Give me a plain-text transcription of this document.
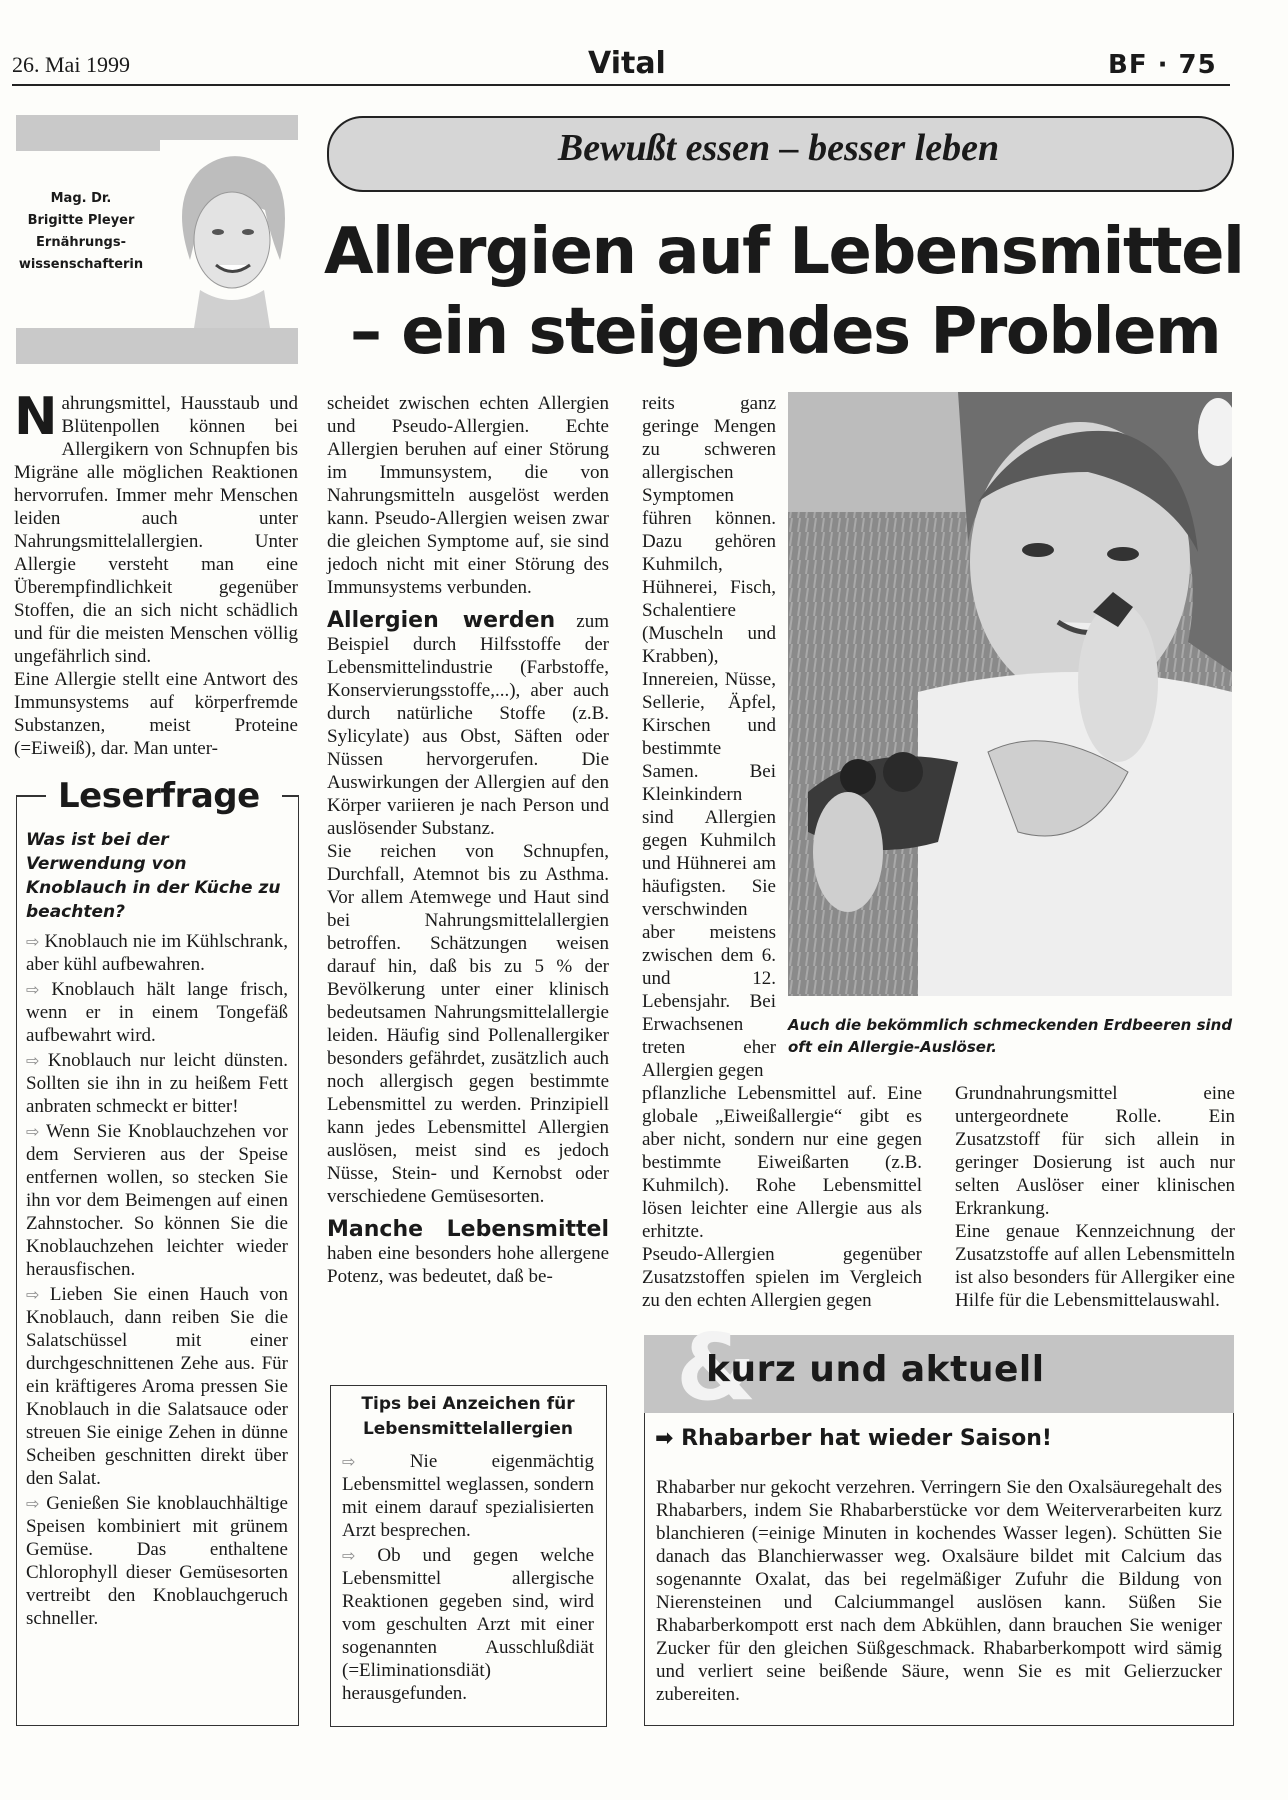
26. Mai 1999	Vital	BF · 75
Mag. Dr.
Brigitte Pleyer
Ernährungs-
wissenschafterin
Bewußt essen – besser leben
Allergien auf Lebensmittel
– ein steigendes Problem

Nahrungsmittel, Hausstaub und Blütenpollen können bei Allergikern von Schnupfen bis Migräne alle möglichen Reaktionen hervorrufen. Immer mehr Menschen leiden auch unter Nahrungsmittelallergien. Unter Allergie versteht man eine Überempfindlichkeit gegenüber Stoffen, die an sich nicht schädlich und für die meisten Menschen völlig ungefährlich sind.

Eine Allergie stellt eine Antwort des Immunsystems auf körperfremde Substanzen, meist Proteine (=Eiweiß), dar. Man unter-

Leserfrage
Was ist bei der Verwendung von Knoblauch in der Küche zu beachten?

⇨ Knoblauch nie im Kühlschrank, aber kühl aufbewahren.

⇨ Knoblauch hält lange frisch, wenn er in einem Tongefäß aufbewahrt wird.

⇨ Knoblauch nur leicht dünsten. Sollten sie ihn in zu heißem Fett anbraten schmeckt er bitter!

⇨ Wenn Sie Knoblauchzehen vor dem Servieren aus der Speise entfernen wollen, so stecken Sie ihn vor dem Beimengen auf einen Zahnstocher. So können Sie die Knoblauchzehen leichter wieder herausfischen.

⇨ Lieben Sie einen Hauch von Knoblauch, dann reiben Sie die Salatschüssel mit einer durchgeschnittenen Zehe aus. Für ein kräftigeres Aroma pressen Sie Knoblauch in die Salatsauce oder streuen Sie einige Zehen in dünne Scheiben geschnitten direkt über den Salat.

⇨ Genießen Sie knoblauchhältige Speisen kombiniert mit grünem Gemüse. Das enthaltene Chlorophyll dieser Gemüsesorten vertreibt den Knoblauchgeruch schneller.

scheidet zwischen echten Allergien und Pseudo-Allergien. Echte Allergien beruhen auf einer Störung im Immunsystem, die von Nahrungsmitteln ausgelöst werden kann. Pseudo-Allergien weisen zwar die gleichen Symptome auf, sie sind jedoch nicht mit einer Störung des Immunsystems verbunden.

Allergien werden zum Beispiel durch Hilfsstoffe der Lebensmittelindustrie (Farbstoffe, Konservierungsstoffe,...), aber auch durch natürliche Stoffe (z.B. Sylicylate) aus Obst, Säften oder Nüssen hervorgerufen. Die Auswirkungen der Allergien auf den Körper variieren je nach Person und auslösender Substanz.

Sie reichen von Schnupfen, Durchfall, Atemnot bis zu Asthma. Vor allem Atemwege und Haut sind bei Nahrungsmittelallergien betroffen. Schätzungen weisen darauf hin, daß bis zu 5 % der Bevölkerung unter einer klinisch bedeutsamen Nahrungsmittelallergie leiden. Häufig sind Pollenallergiker besonders gefährdet, zusätzlich auch noch allergisch gegen bestimmte Lebensmittel zu werden. Prinzipiell kann jedes Lebensmittel Allergien auslösen, meist sind es jedoch Nüsse, Stein- und Kernobst oder verschiedene Gemüsesorten.

Manche Lebensmittel haben eine besonders hohe allergene Potenz, was bedeutet, daß be-

Tips bei Anzeichen für Lebensmittelallergien

⇨	Nie eigenmächtig Lebensmittel weglassen, sondern mit einem darauf spezialisierten Arzt besprechen.

⇨ Ob und gegen welche Lebensmittel allergische Reaktionen gegeben sind, wird vom geschulten Arzt mit einer sogenannten Ausschlußdiät (=Eliminationsdiät) herausgefunden.

reits ganz geringe Mengen zu schweren allergischen Symptomen führen können. Dazu gehören Kuhmilch, Hühnerei, Fisch, Schalentiere (Muscheln und Krabben), Innereien, Nüsse, Sellerie, Äpfel, Kirschen und bestimmte Samen. Bei Kleinkindern sind Allergien gegen Kuhmilch und Hühnerei am häufigsten. Sie verschwinden aber meistens zwischen dem 6. und 12. Lebensjahr. Bei Erwachsenen treten eher Allergien gegen

Auch die bekömmlich schmeckenden Erdbeeren sind oft ein Allergie-Auslöser.

pflanzliche Lebensmittel auf. Eine globale „Eiweißallergie“ gibt es aber nicht, sondern nur eine gegen bestimmte Eiweißarten (z.B. Kuhmilch). Rohe Lebensmittel lösen leichter eine Allergie aus als erhitzte.

Pseudo-Allergien gegenüber Zusatzstoffen spielen im Vergleich zu den echten Allergien gegen

Grundnahrungsmittel eine untergeordnete Rolle. Ein Zusatzstoff für sich allein in geringer Dosierung ist auch nur selten Auslöser einer klinischen Erkrankung.

Eine genaue Kennzeichnung der Zusatzstoffe auf allen Lebensmitteln ist also besonders für Allergiker eine Hilfe für die Lebensmittelauswahl.

&
kurz und aktuell
➡ Rhabarber hat wieder Saison!
Rhabarber nur gekocht verzehren. Verringern Sie den Oxalsäuregehalt des Rhabarbers, indem Sie Rhabarberstücke vor dem Weiterverarbeiten kurz blanchieren (=einige Minuten in kochendes Wasser legen). Schütten Sie danach das Blanchierwasser weg. Oxalsäure bildet mit Calcium das sogenannte Oxalat, das bei regelmäßiger Zufuhr die Bildung von Nierensteinen und Calciummangel auslösen kann. Süßen Sie Rhabarberkompott erst nach dem Abkühlen, dann brauchen Sie weniger Zucker für den gleichen Süßgeschmack. Rhabarberkompott wird sämig und verliert seine beißende Säure, wenn Sie es mit Gelierzucker zubereiten.
